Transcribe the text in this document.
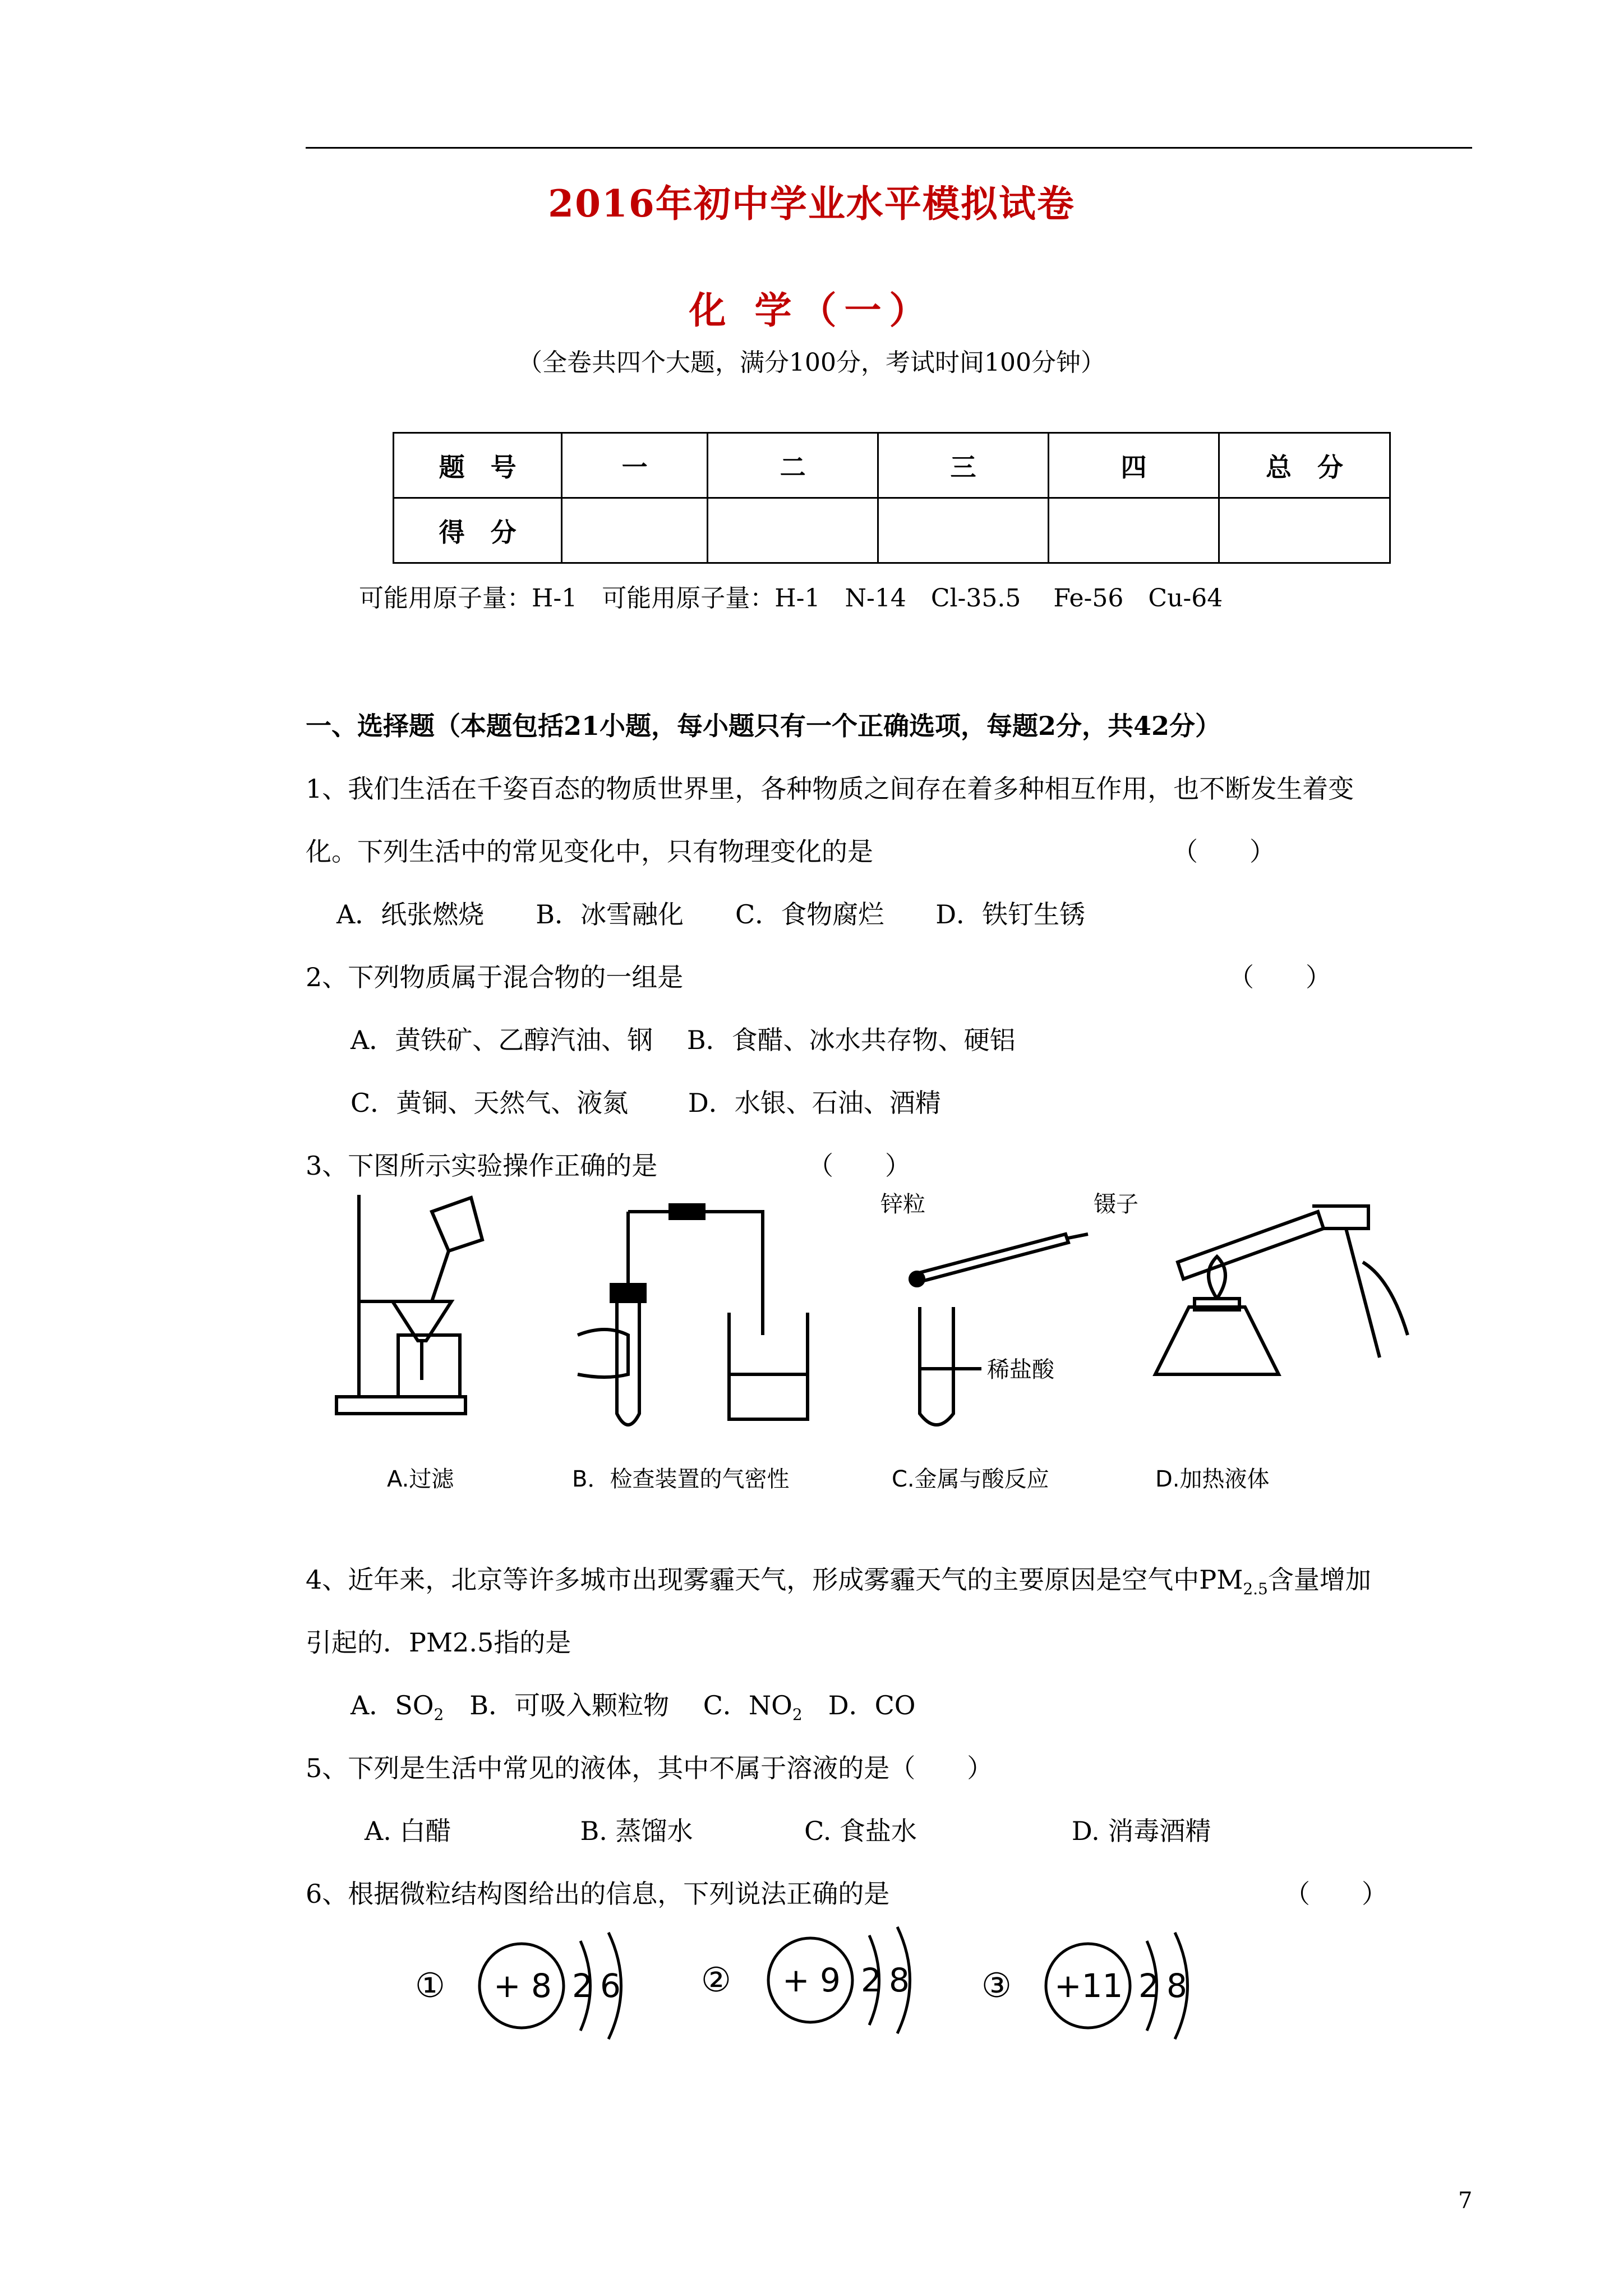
2016年初中学业水平模拟试卷
化 学（一）
（全卷共四个大题，满分100分，考试时间100分钟）
题　号	一	二	三	四	总　分
得　分					
可能用原子量：H-1　可能用原子量：H-1　N-14　Cl-35.5　 Fe-56　Cu-64
一、选择题（本题包括21小题，每小题只有一个正确选项，每题2分，共42分）
1、我们生活在千姿百态的物质世界里，各种物质之间存在着多种相互作用，也不断发生着变
化。下列生活中的常见变化中，只有物理变化的是	（　　）
A．纸张燃烧　　B．冰雪融化　　C．食物腐烂　　D．铁钉生锈
2、下列物质属于混合物的一组是	（　　）
A．黄铁矿、乙醇汽油、钢　 B．食醋、冰水共存物、硬铝
C．黄铜、天然气、液氮　　 D．水银、石油、酒精
3、下图所示实验操作正确的是	（　　）
锌粒	镊子
稀盐酸
A.过滤	B．检查装置的气密性	C.金属与酸反应	D.加热液体
4、近年来，北京等许多城市出现雾霾天气，形成雾霾天气的主要原因是空气中$PM_{2.5}$含量增加
引起的．PM2.5指的是
A．$SO_2$　B．可吸入颗粒物　 C．$NO_2$　D．CO
5、下列是生活中常见的液体，其中不属于溶液的是（　　）
A. 白醋　　　　　B. 蒸馏水　　　　 C. 食盐水　　　　　　D. 消毒酒精
6、根据微粒结构图给出的信息，下列说法正确的是	（　　）
① + 8 2 6 ② + 9 2 8 ③ +11 2 8
7
